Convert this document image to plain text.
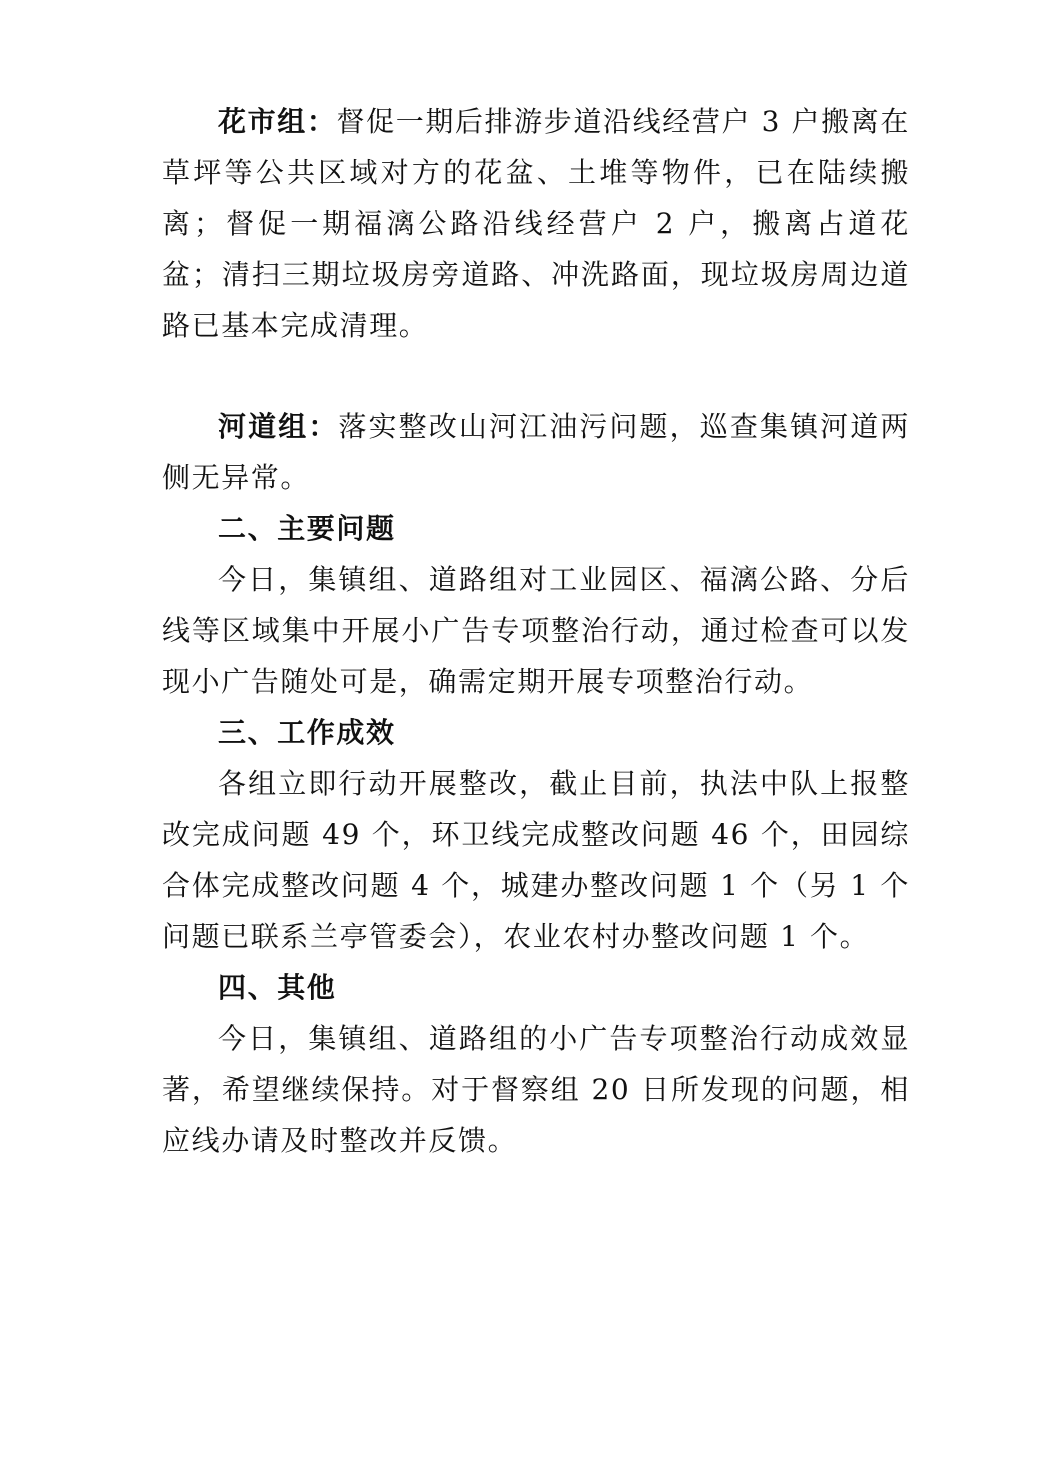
花市组：督促一期后排游步道沿线经营户 3 户搬离在草坪等公共区域对方的花盆、土堆等物件，已在陆续搬离；督促一期福漓公路沿线经营户 2 户，搬离占道花盆；清扫三期垃圾房旁道路、冲洗路面，现垃圾房周边道路已基本完成清理。

河道组：落实整改山河江油污问题，巡查集镇河道两侧无异常。

二、主要问题

今日，集镇组、道路组对工业园区、福漓公路、分后线等区域集中开展小广告专项整治行动，通过检查可以发现小广告随处可是，确需定期开展专项整治行动。

三、工作成效

各组立即行动开展整改，截止目前，执法中队上报整改完成问题 49 个，环卫线完成整改问题 46 个，田园综合体完成整改问题 4 个，城建办整改问题 1 个（另 1 个问题已联系兰亭管委会），农业农村办整改问题 1 个。

四、其他

今日，集镇组、道路组的小广告专项整治行动成效显著，希望继续保持。对于督察组 20 日所发现的问题，相应线办请及时整改并反馈。
